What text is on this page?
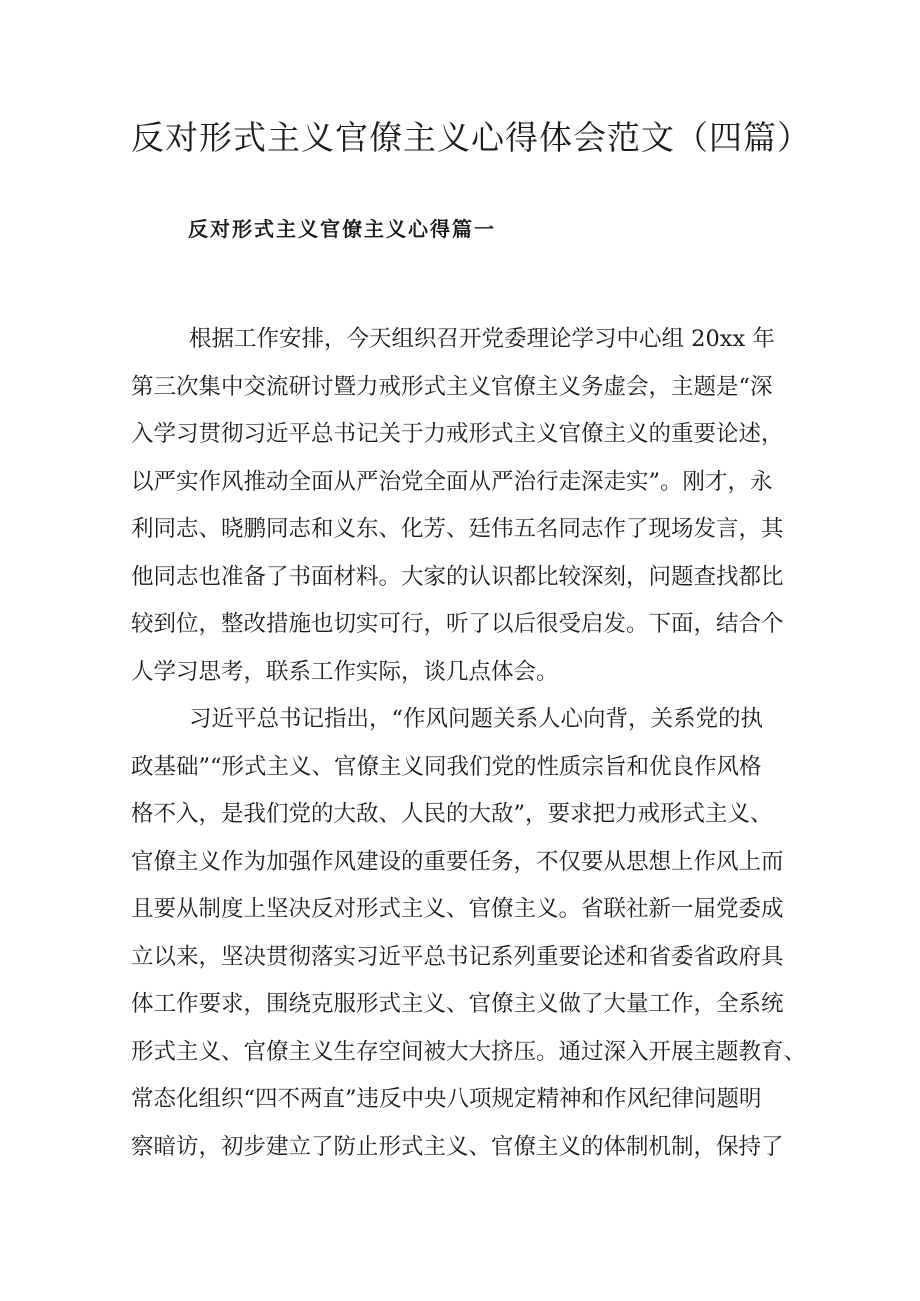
反对形式主义官僚主义心得体会范文（四篇）
反对形式主义官僚主义心得篇一
根据工作安排，今天组织召开党委理论学习中心组 20xx 年
第三次集中交流研讨暨力戒形式主义官僚主义务虚会，主题是“深
入学习贯彻习近平总书记关于力戒形式主义官僚主义的重要论述，
以严实作风推动全面从严治党全面从严治行走深走实”。刚才，永
利同志、晓鹏同志和义东、化芳、廷伟五名同志作了现场发言，其
他同志也准备了书面材料。大家的认识都比较深刻，问题查找都比
较到位，整改措施也切实可行，听了以后很受启发。下面，结合个
人学习思考，联系工作实际，谈几点体会。
习近平总书记指出，“作风问题关系人心向背，关系党的执
政基础”“形式主义、官僚主义同我们党的性质宗旨和优良作风格
格不入，是我们党的大敌、人民的大敌”，要求把力戒形式主义、
官僚主义作为加强作风建设的重要任务，不仅要从思想上作风上而
且要从制度上坚决反对形式主义、官僚主义。省联社新一届党委成
立以来，坚决贯彻落实习近平总书记系列重要论述和省委省政府具
体工作要求，围绕克服形式主义、官僚主义做了大量工作，全系统
形式主义、官僚主义生存空间被大大挤压。通过深入开展主题教育、
常态化组织“四不两直”违反中央八项规定精神和作风纪律问题明
察暗访，初步建立了防止形式主义、官僚主义的体制机制，保持了
